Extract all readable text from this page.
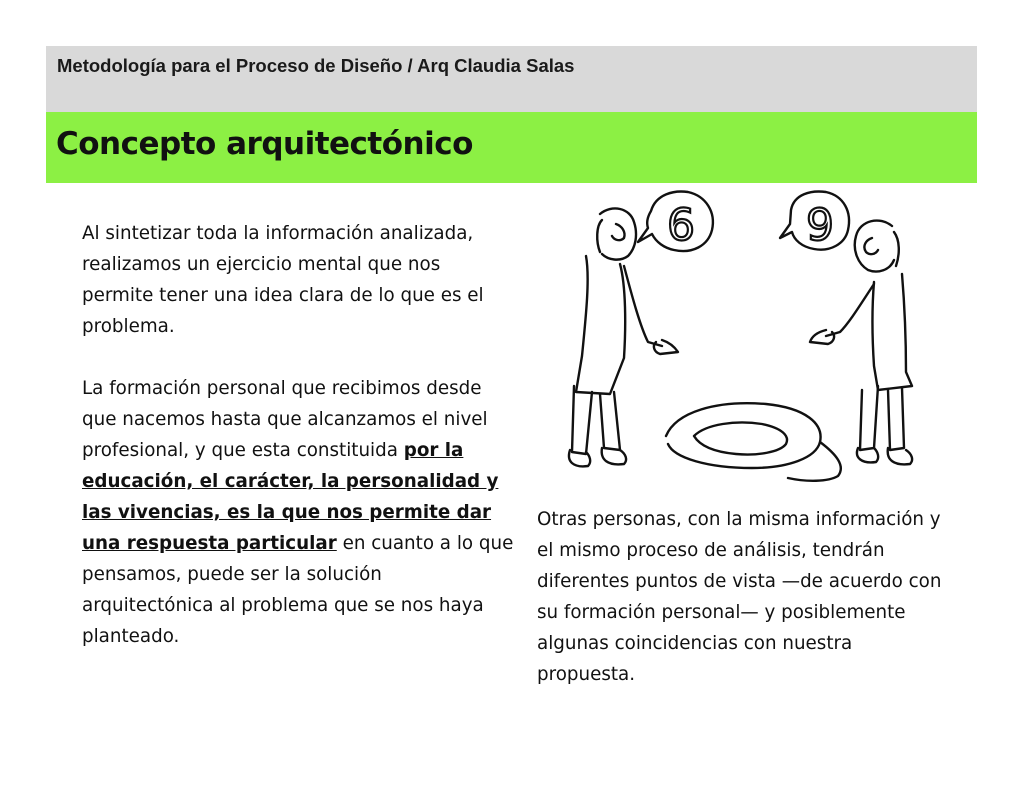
Metodología para el Proceso de Diseño / Arq Claudia Salas
Concepto arquitectónico

Al sintetizar toda la información analizada, realizamos un ejercicio mental que nos permite tener una idea clara de lo que es el problema.

La formación personal que recibimos desde que nacemos hasta que alcanzamos el nivel profesional, y que esta constituida por la educación, el carácter, la personalidad y las vivencias, es la que nos permite dar una respuesta particular en cuanto a lo que pensamos, puede ser la solución arquitectónica al problema que se nos haya planteado.

Otras personas, con la misma información y el mismo proceso de análisis, tendrán diferentes puntos de vista —de acuerdo con su formación personal— y posiblemente algunas coincidencias con nuestra propuesta.

6	9
